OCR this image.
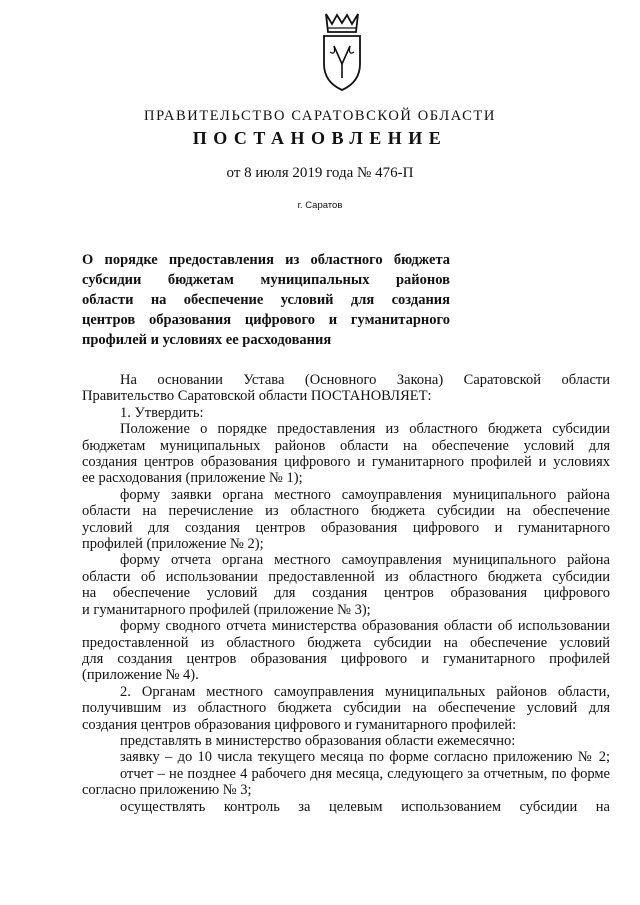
ПРАВИТЕЛЬСТВО САРАТОВСКОЙ ОБЛАСТИ
ПОСТАНОВЛЕНИЕ
от 8 июля 2019 года № 476-П
г. Саратов
О порядке предоставления из областного бюджета
субсидии бюджетам муниципальных районов
области на обеспечение условий для создания
центров образования цифрового и гуманитарного
профилей и условиях ее расходования
На основании Устава (Основного Закона) Саратовской области
Правительство Саратовской области ПОСТАНОВЛЯЕТ:
1. Утвердить:
Положение о порядке предоставления из областного бюджета субсидии
бюджетам муниципальных районов области на обеспечение условий для
создания центров образования цифрового и гуманитарного профилей и условиях
ее расходования (приложение № 1);
форму заявки органа местного самоуправления муниципального района
области на перечисление из областного бюджета субсидии на обеспечение
условий для создания центров образования цифрового и гуманитарного
профилей (приложение № 2);
форму отчета органа местного самоуправления муниципального района
области об использовании предоставленной из областного бюджета субсидии
на обеспечение условий для создания центров образования цифрового
и гуманитарного профилей (приложение № 3);
форму сводного отчета министерства образования области об использовании
предоставленной из областного бюджета субсидии на обеспечение условий
для создания центров образования цифрового и гуманитарного профилей
(приложение № 4).
2. Органам местного самоуправления муниципальных районов области,
получившим из областного бюджета субсидии на обеспечение условий для
создания центров образования цифрового и гуманитарного профилей:
представлять в министерство образования области ежемесячно:
заявку – до 10 числа текущего месяца по форме согласно приложению № 2;
отчет – не позднее 4 рабочего дня месяца, следующего за отчетным, по форме
согласно приложению № 3;
осуществлять контроль за целевым использованием субсидии на
